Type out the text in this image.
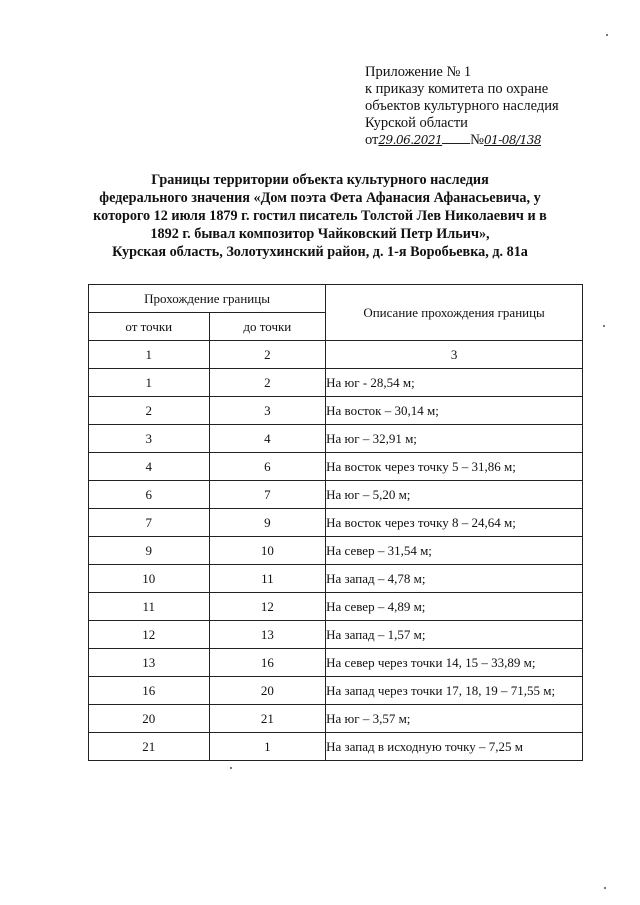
Приложение № 1
к приказу комитета по охране
объектов культурного наследия
Курской области
от29.06.2021 №01-08/138
Границы территории объекта культурного наследия
федерального значения «Дом поэта Фета Афанасия Афанасьевича, у
которого 12 июля 1879 г. гостил писатель Толстой Лев Николаевич и в
1892 г. бывал композитор Чайковский Петр Ильич»,
Курская область, Золотухинский район, д. 1-я Воробьевка, д. 81а
Прохождение границы		Описание прохождения границы
от точки	до точки	
1	2	3
1	2	На юг - 28,54 м;
2	3	На восток – 30,14 м;
3	4	На юг – 32,91 м;
4	6	На восток через точку 5 – 31,86 м;
6	7	На юг – 5,20 м;
7	9	На восток через точку 8 – 24,64 м;
9	10	На север – 31,54 м;
10	11	На запад – 4,78 м;
11	12	На север – 4,89 м;
12	13	На запад – 1,57 м;
13	16	На север через точки 14, 15 – 33,89 м;
16	20	На запад через точки 17, 18, 19 – 71,55 м;
20	21	На юг – 3,57 м;
21	1	На запад в исходную точку – 7,25 м
